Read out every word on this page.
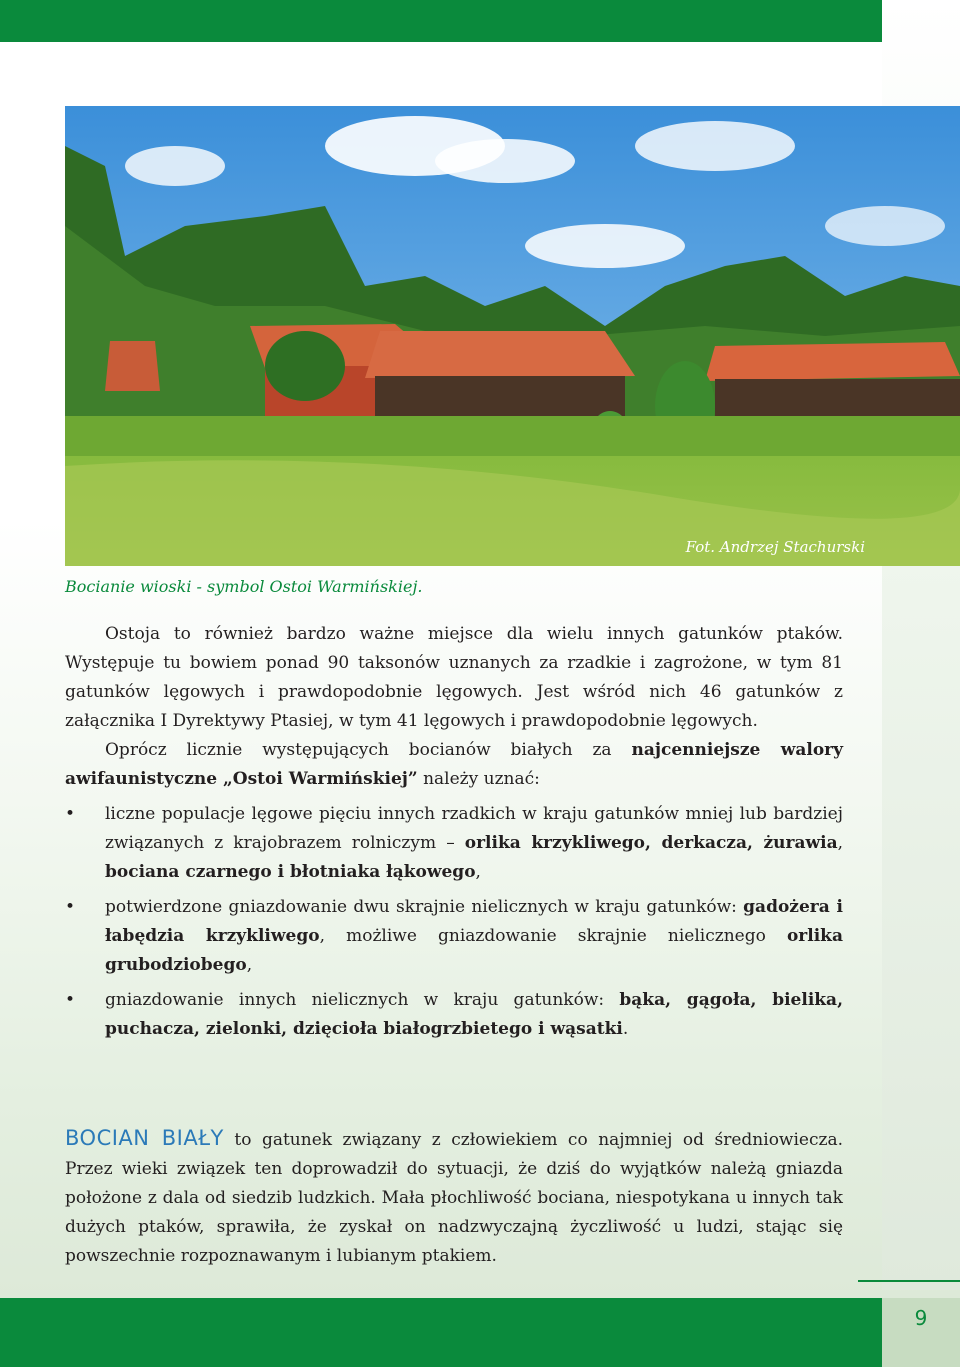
Fot. Andrzej Stachurski
Bocianie wioski - symbol Ostoi Warmińskiej.

Ostoja to również bardzo ważne miejsce dla wielu innych gatunków ptaków. Występuje tu bowiem ponad 90 taksonów uznanych za rzadkie i zagrożone, w tym 81 gatunków lęgowych i prawdopodobnie lęgowych. Jest wśród nich 46 gatunków z załącznika I Dyrektywy Ptasiej, w tym 41 lęgowych i prawdopodobnie lęgowych.

Oprócz licznie występujących bocianów białych za najcenniejsze walory awifaunistyczne „Ostoi Warmińskiej” należy uznać:

• liczne populacje lęgowe pięciu innych rzadkich w kraju gatunków mniej lub bardziej związanych z krajobrazem rolniczym – orlika krzykliwego, derkacza, żurawia, bociana czarnego i błotniaka łąkowego,
• potwierdzone gniazdowanie dwu skrajnie nielicznych w kraju gatunków: gadożera i łabędzia krzykliwego, możliwe gniazdowanie skrajnie nielicznego orlika grubodziobego,
• gniazdowanie innych nielicznych w kraju gatunków: bąka, gągoła, bielika, puchacza, zielonki, dzięcioła białogrzbietego i wąsatki.
BOCIAN BIAŁY to gatunek związany z człowiekiem co najmniej od średniowiecza. Przez wieki związek ten doprowadził do sytuacji, że dziś do wyjątków należą gniazda położone z dala od siedzib ludzkich. Mała płochliwość bociana, niespotykana u innych tak dużych ptaków, sprawiła, że zyskał on nadzwyczajną życzliwość u ludzi, stając się powszechnie rozpoznawanym i lubianym ptakiem.
9
